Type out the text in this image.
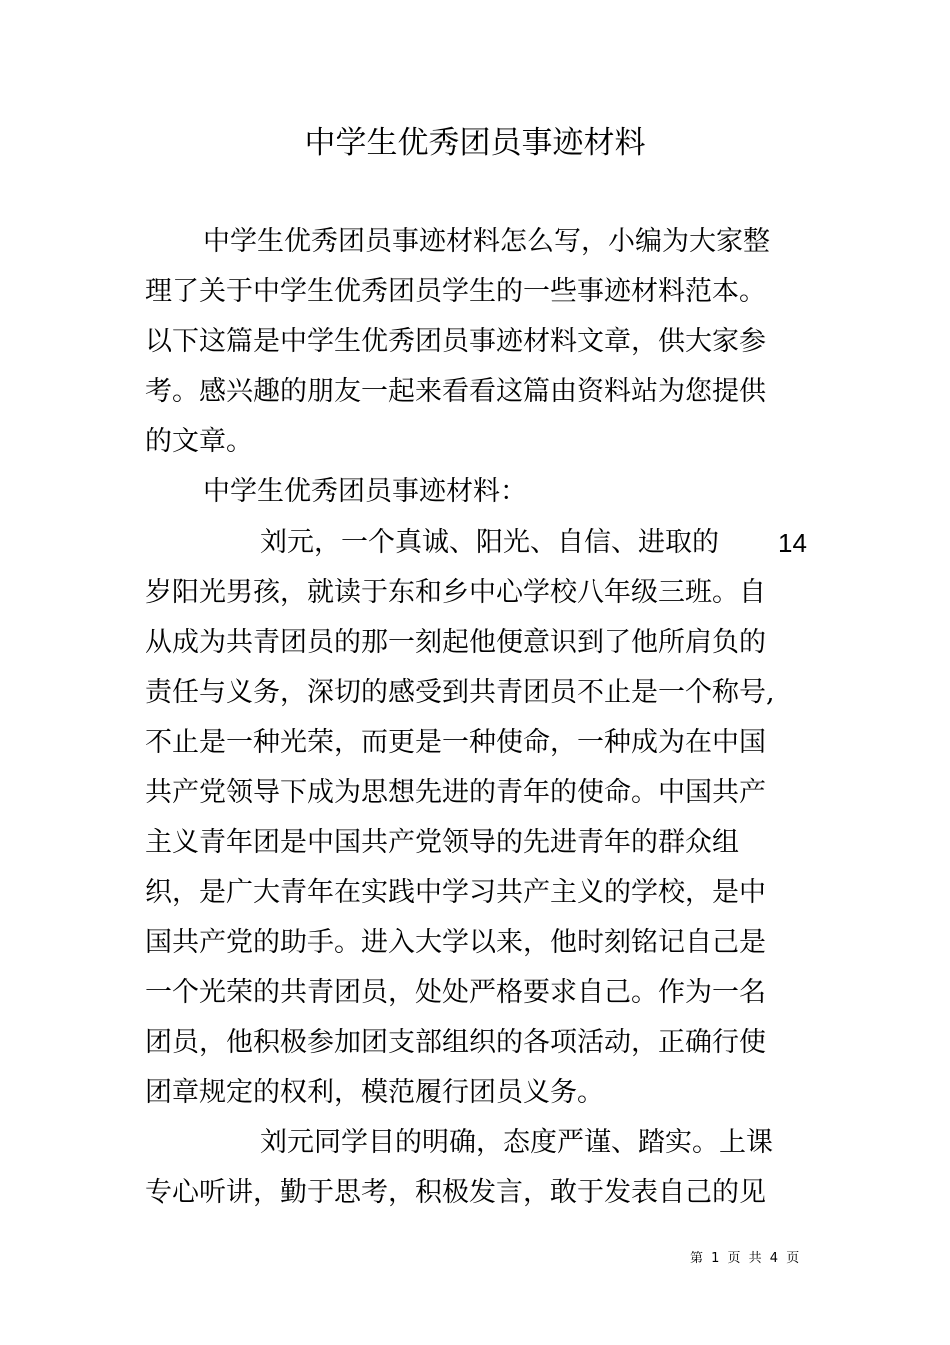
中学生优秀团员事迹材料
中学生优秀团员事迹材料怎么写，小编为大家整
理了关于中学生优秀团员学生的一些事迹材料范本。
以下这篇是中学生优秀团员事迹材料文章，供大家参
考。感兴趣的朋友一起来看看这篇由资料站为您提供
的文章。
中学生优秀团员事迹材料：
刘元，一个真诚、阳光、自信、进取的 14
岁阳光男孩，就读于东和乡中心学校八年级三班。自
从成为共青团员的那一刻起他便意识到了他所肩负的
责任与义务，深切的感受到共青团员不止是一个称号,
不止是一种光荣，而更是一种使命，一种成为在中国
共产党领导下成为思想先进的青年的使命。中国共产
主义青年团是中国共产党领导的先进青年的群众组
织，是广大青年在实践中学习共产主义的学校，是中
国共产党的助手。进入大学以来，他时刻铭记自己是
一个光荣的共青团员，处处严格要求自己。作为一名
团员，他积极参加团支部组织的各项活动，正确行使
团章规定的权利，模范履行团员义务。
刘元同学目的明确，态度严谨、踏实。上课
专心听讲，勤于思考，积极发言，敢于发表自己的见
第 1 页 共 4 页
